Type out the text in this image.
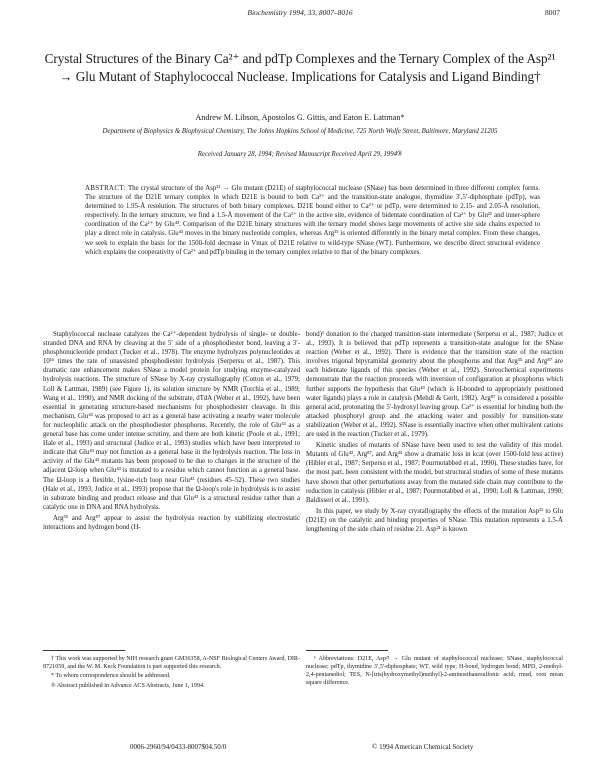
Biochemistry 1994, 33, 8007–8016	8007
Crystal Structures of the Binary Ca²⁺ and pdTp Complexes and the Ternary Complex of the Asp²¹ → Glu Mutant of Staphylococcal Nuclease. Implications for Catalysis and Ligand Binding†
Andrew M. Libson, Apostolos G. Gittis, and Eaton E. Lattman*
Department of Biophysics & Biophysical Chemistry, The Johns Hopkins School of Medicine, 725 North Wolfe Street, Baltimore, Maryland 21205
Received January 28, 1994; Revised Manuscript Received April 29, 1994®

ABSTRACT: The crystal structure of the Asp²¹ → Glu mutant (D21E) of staphylococcal nuclease (SNase) has been determined in three different complex forms. The structure of the D21E ternary complex in which D21E is bound to both Ca²⁺ and the transition-state analogue, thymidine 3′,5′-diphosphate (pdTp), was determined to 1.95-Å resolution. The structures of both binary complexes, D21E bound either to Ca²⁺ or pdTp, were determined to 2.15- and 2.05-Å resolution, respectively. In the ternary structure, we find a 1.5-Å movement of the Ca²⁺ in the active site, evidence of bidentate coordination of Ca²⁺ by Glu²¹ and inner-sphere coordination of the Ca²⁺ by Glu⁴³. Comparison of the D21E binary structures with the ternary model shows large movements of active site side chains expected to play a direct role in catalysis. Glu⁴³ moves in the binary nucleotide complex, whereas Arg³⁵ is oriented differently in the binary metal complex. From these changes, we seek to explain the basis for the 1500-fold decrease in Vmax of D21E relative to wild-type SNase (WT). Furthermore, we describe direct structural evidence which explains the cooperativity of Ca²⁺ and pdTp binding in the ternary complex relative to that of the binary complexes.

Staphylococcal nuclease catalyzes the Ca²⁺-dependent hydrolysis of single- or double-stranded DNA and RNA by cleaving at the 5′ side of a phosphodiester bond, leaving a 3′-phosphonucleotide product (Tucker et al., 1978). The enzyme hydrolyzes polynucleotides at 10¹⁶ times the rate of unassisted phosphodiester hydrolysis (Serpersu et al., 1987). This dramatic rate enhancement makes SNase a model protein for studying enzyme-catalyzed hydrolysis reactions. The structure of SNase by X-ray crystallography (Cotton et al., 1979; Loll & Lattman, 1989) (see Figure 1), its solution structure by NMR (Torchia et al., 1989; Wang et al., 1990), and NMR docking of the substrate, dTdA (Weber et al., 1992), have been essential in generating structure-based mechanisms for phosphodiester cleavage. In this mechanism, Glu⁴³ was proposed to act as a general base activating a nearby water molecule for nucleophilic attack on the phosphodiester phosphorus. Recently, the role of Glu⁴³ as a general base has come under intense scrutiny, and there are both kinetic (Poole et al., 1991; Hale et al., 1993) and structural (Judice et al., 1993) studies which have been interpreted to indicate that Glu⁴³ may not function as a general base in the hydrolysis reaction. The loss in activity of the Glu⁴³ mutants has been proposed to be due to changes in the structure of the adjacent Ω-loop when Glu⁴³ is mutated to a residue which cannot function as a general base. The Ω-loop is a flexible, lysine-rich loop near Glu⁴³ (residues 45–52). These two studies (Hale et al., 1993; Judice et al., 1993) propose that the Ω-loop's role in hydrolysis is to assist in substrate binding and product release and that Glu⁴³ is a structural residue rather than a catalytic one in DNA and RNA hydrolysis.

Arg³⁵ and Arg⁸⁷ appear to assist the hydrolysis reaction by stabilizing electrostatic interactions and hydrogen bond (H-

bond)¹ donation to the charged transition-state intermediate (Serpersu et al., 1987; Judice et al., 1993). It is believed that pdTp represents a transition-state analogue for the SNase reaction (Weber et al., 1992). There is evidence that the transition state of the reaction involves trigonal bipyramidal geometry about the phosphorus and that Arg³⁵ and Arg⁸⁷ are each bidentate ligands of this species (Weber et al., 1992). Stereochemical experiments demonstrate that the reaction proceeds with inversion of configuration at phosphorus which further supports the hypothesis that Glu⁴³ (which is H-bonded to appropriately positioned water ligands) plays a role in catalysis (Mehdi & Gerlt, 1982). Arg⁸⁷ is considered a possible general acid, protonating the 5′-hydroxyl leaving group. Ca²⁺ is essential for binding both the attacked phosphoryl group and the attacking water and possibly for transition-state stabilization (Weber et al., 1992). SNase is essentially inactive when other multivalent cations are used in the reaction (Tucker et al., 1979).

Kinetic studies of mutants of SNase have been used to test the validity of this model. Mutants of Glu⁴³, Arg⁸⁷, and Arg³⁵ show a dramatic loss in kcat (over 1500-fold less active) (Hibler et al., 1987; Serpersu et al., 1987; Pourmotabbed et al., 1990). These studies have, for the most part, been consistent with the model, but structural studies of some of these mutants have shown that other perturbations away from the mutated side chain may contribute to the reduction in catalysis (Hibler et al., 1987; Pourmotabbed et al., 1990; Loll & Lattman, 1990; Baldisseri et al., 1991).

In this paper, we study by X-ray crystallography the effects of the mutation Asp²¹ to Glu (D21E) on the catalytic and binding properties of SNase. This mutation represents a 1.5-Å lengthening of the side chain of residue 21. Asp²¹ is known

† This work was supported by NIH research grant GM36358, A-NSF Biological Centers Award, DIR-8721059, and the W. M. Keck Foundation is part supported this research.

* To whom correspondence should be addressed.

® Abstract published in Advance ACS Abstracts, June 1, 1994.

¹ Abbreviations: D21E, Asp²¹ → Glu mutant of staphylococcal nuclease; SNase, staphylococcal nuclease; pdTp, thymidine 3′,5′-diphosphate; WT, wild type; H-bond, hydrogen bond; MPD, 2-methyl-2,4-pentanediol; TES, N-[tris(hydroxymethyl)methyl]-2-aminoethanesulfonic acid; rmsd, root mean square difference.

0006-2960/94/0433-8007$04.50/0	© 1994 American Chemical Society
